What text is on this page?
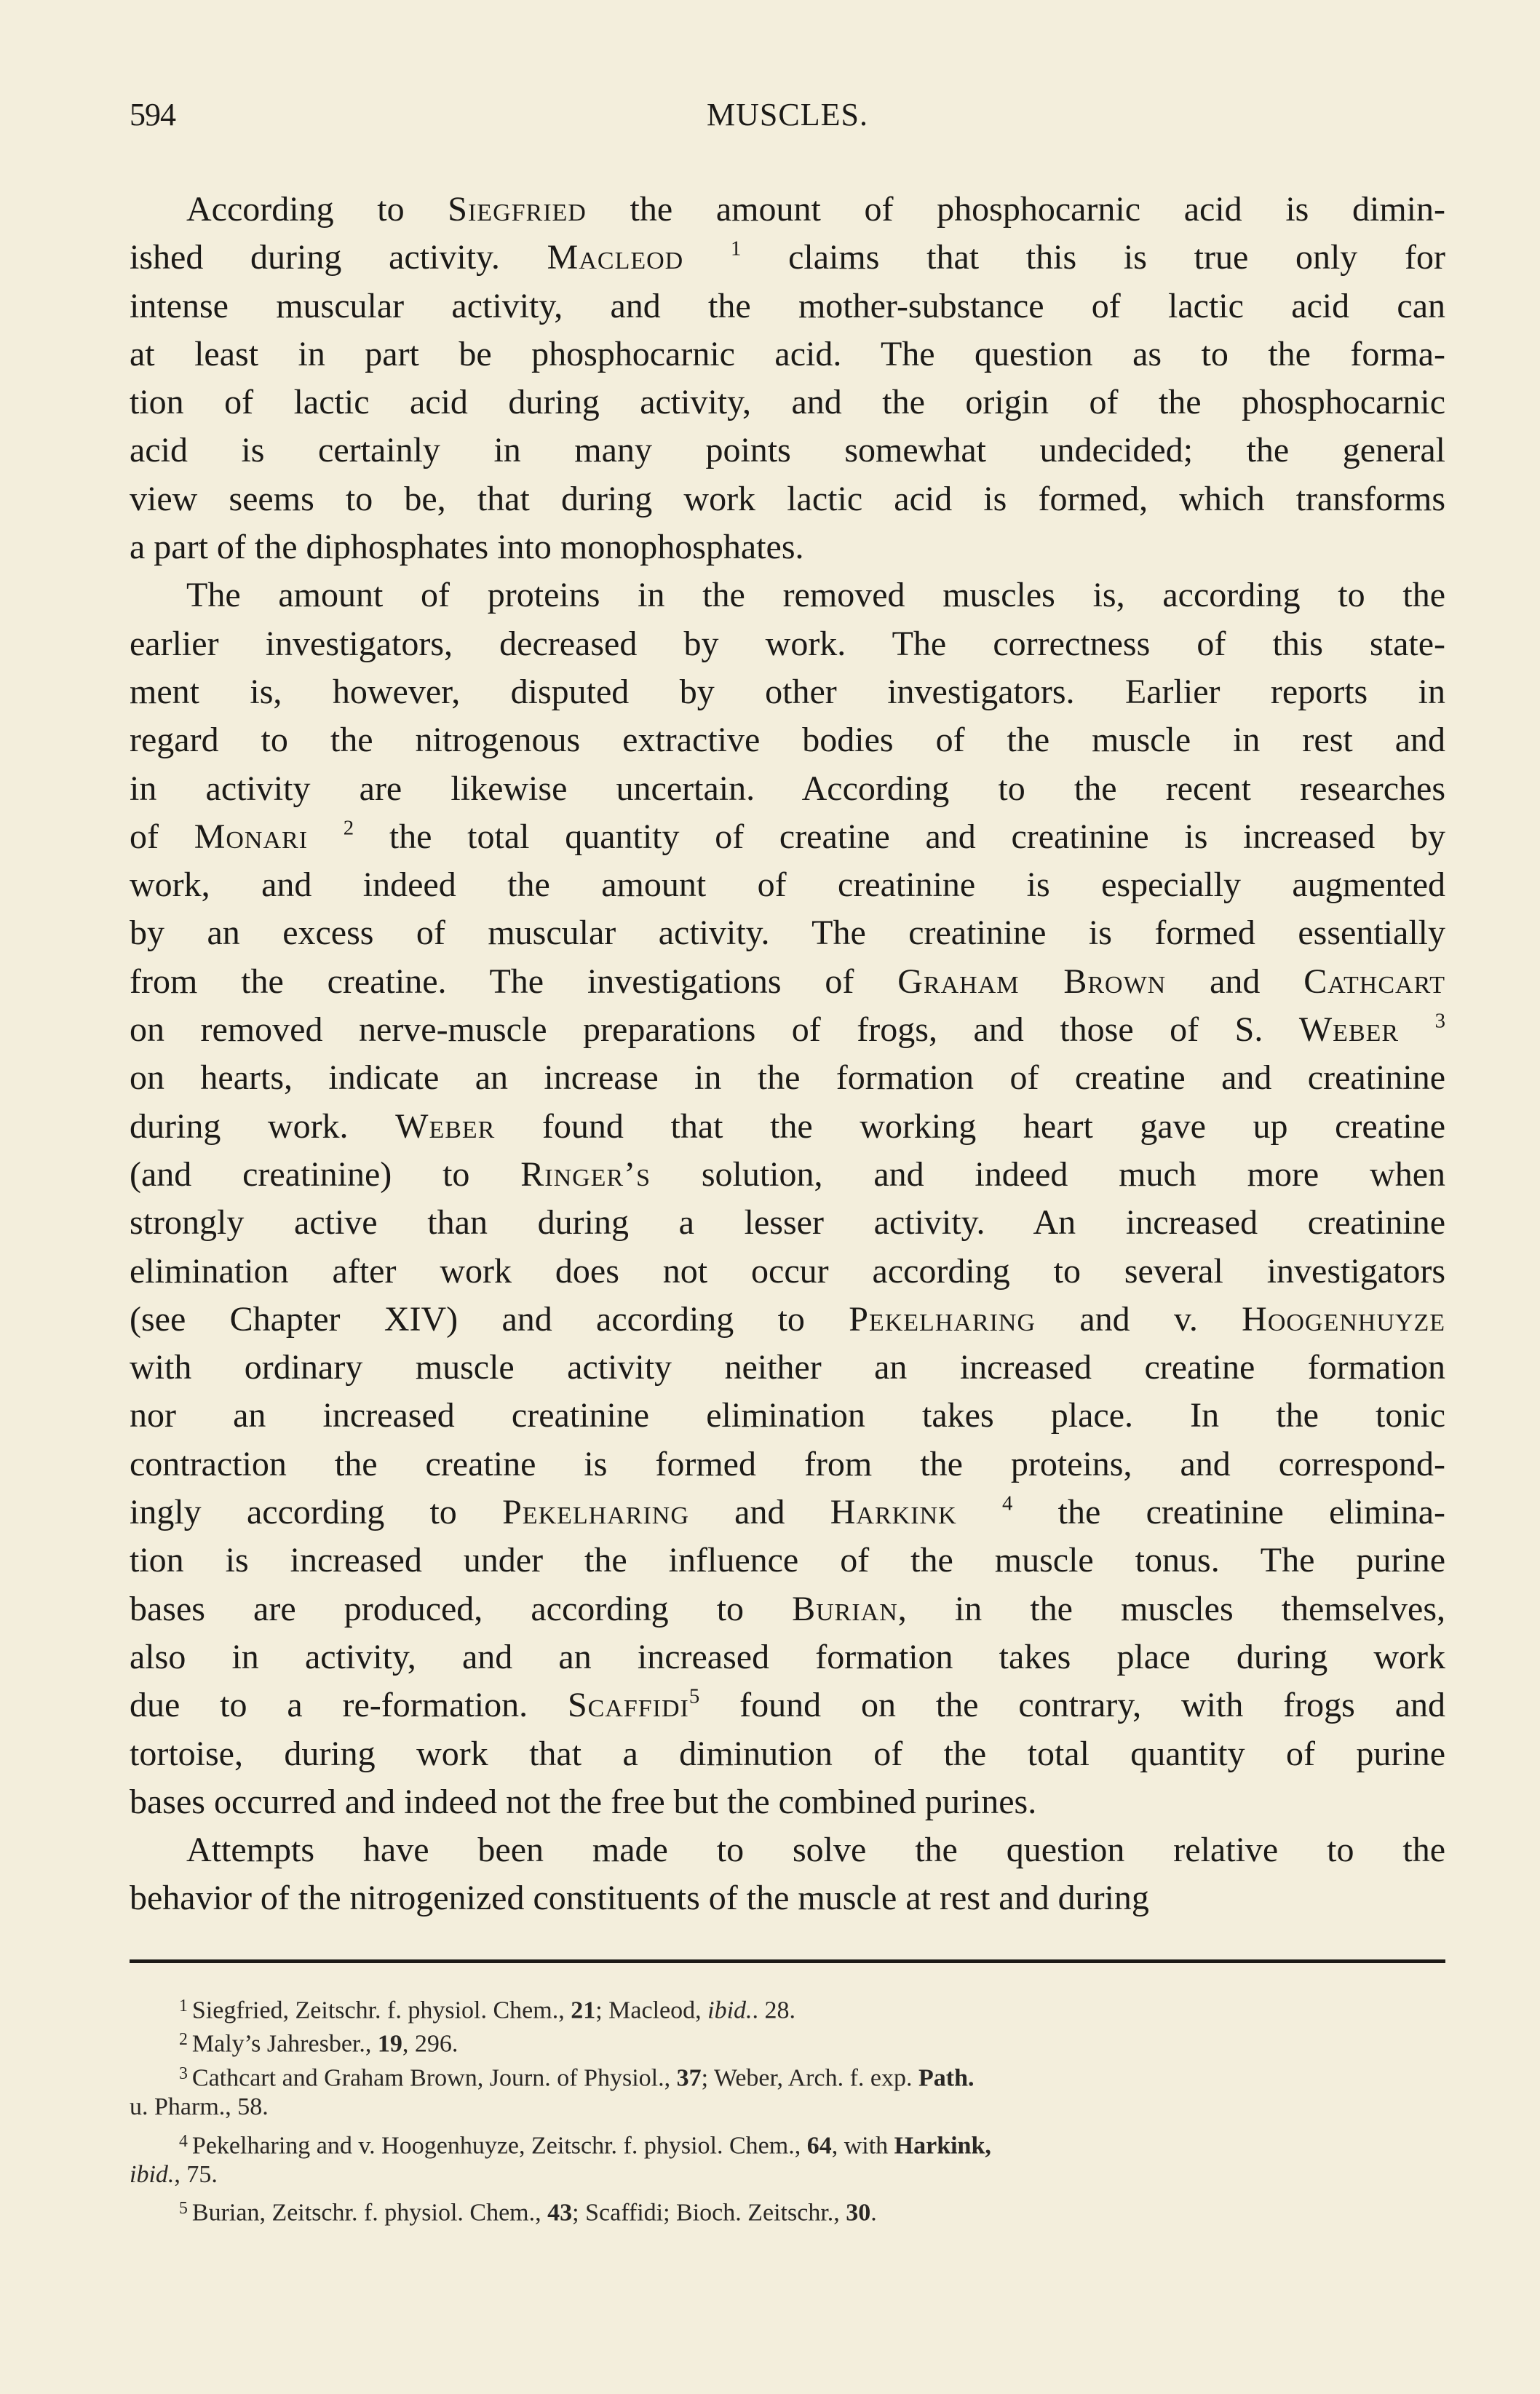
594	MUSCLES.
According to Siegfried the amount of phosphocarnic acid is dimin-
ished during activity. Macleod $^1$ claims that this is true only for
intense muscular activity, and the mother-substance of lactic acid can
at least in part be phosphocarnic acid. The question as to the forma-
tion of lactic acid during activity, and the origin of the phosphocarnic
acid is certainly in many points somewhat undecided; the general
view seems to be, that during work lactic acid is formed, which transforms
a part of the diphosphates into monophosphates.
The amount of proteins in the removed muscles is, according to the
earlier investigators, decreased by work. The correctness of this state-
ment is, however, disputed by other investigators. Earlier reports in
regard to the nitrogenous extractive bodies of the muscle in rest and
in activity are likewise uncertain. According to the recent researches
of Monari $^2$ the total quantity of creatine and creatinine is increased by
work, and indeed the amount of creatinine is especially augmented
by an excess of muscular activity. The creatinine is formed essentially
from the creatine. The investigations of Graham Brown and Cathcart
on removed nerve-muscle preparations of frogs, and those of S. Weber $^3$
on hearts, indicate an increase in the formation of creatine and creatinine
during work. Weber found that the working heart gave up creatine
(and creatinine) to Ringer’s solution, and indeed much more when
strongly active than during a lesser activity. An increased creatinine
elimination after work does not occur according to several investigators
(see Chapter XIV) and according to Pekelharing and v. Hoogenhuyze
with ordinary muscle activity neither an increased creatine formation
nor an increased creatinine elimination takes place. In the tonic
contraction the creatine is formed from the proteins, and correspond-
ingly according to Pekelharing and Harkink $^4$ the creatinine elimina-
tion is increased under the influence of the muscle tonus. The purine
bases are produced, according to Burian, in the muscles themselves,
also in activity, and an increased formation takes place during work
due to a re-formation. Scaffidi$^5$ found on the contrary, with frogs and
tortoise, during work that a diminution of the total quantity of purine
bases occurred and indeed not the free but the combined purines.
Attempts have been made to solve the question relative to the
behavior of the nitrogenized constituents of the muscle at rest and during
$^1$ Siegfried, Zeitschr. f. physiol. Chem., 21; Macleod, ibid.. 28.
$^2$ Maly’s Jahresber., 19, 296.
$^3$ Cathcart and Graham Brown, Journ. of Physiol., 37; Weber, Arch. f. exp. Path.
u. Pharm., 58.
$^4$ Pekelharing and v. Hoogenhuyze, Zeitschr. f. physiol. Chem., 64, with Harkink,
ibid., 75.
$^5$ Burian, Zeitschr. f. physiol. Chem., 43; Scaffidi; Bioch. Zeitschr., 30.
